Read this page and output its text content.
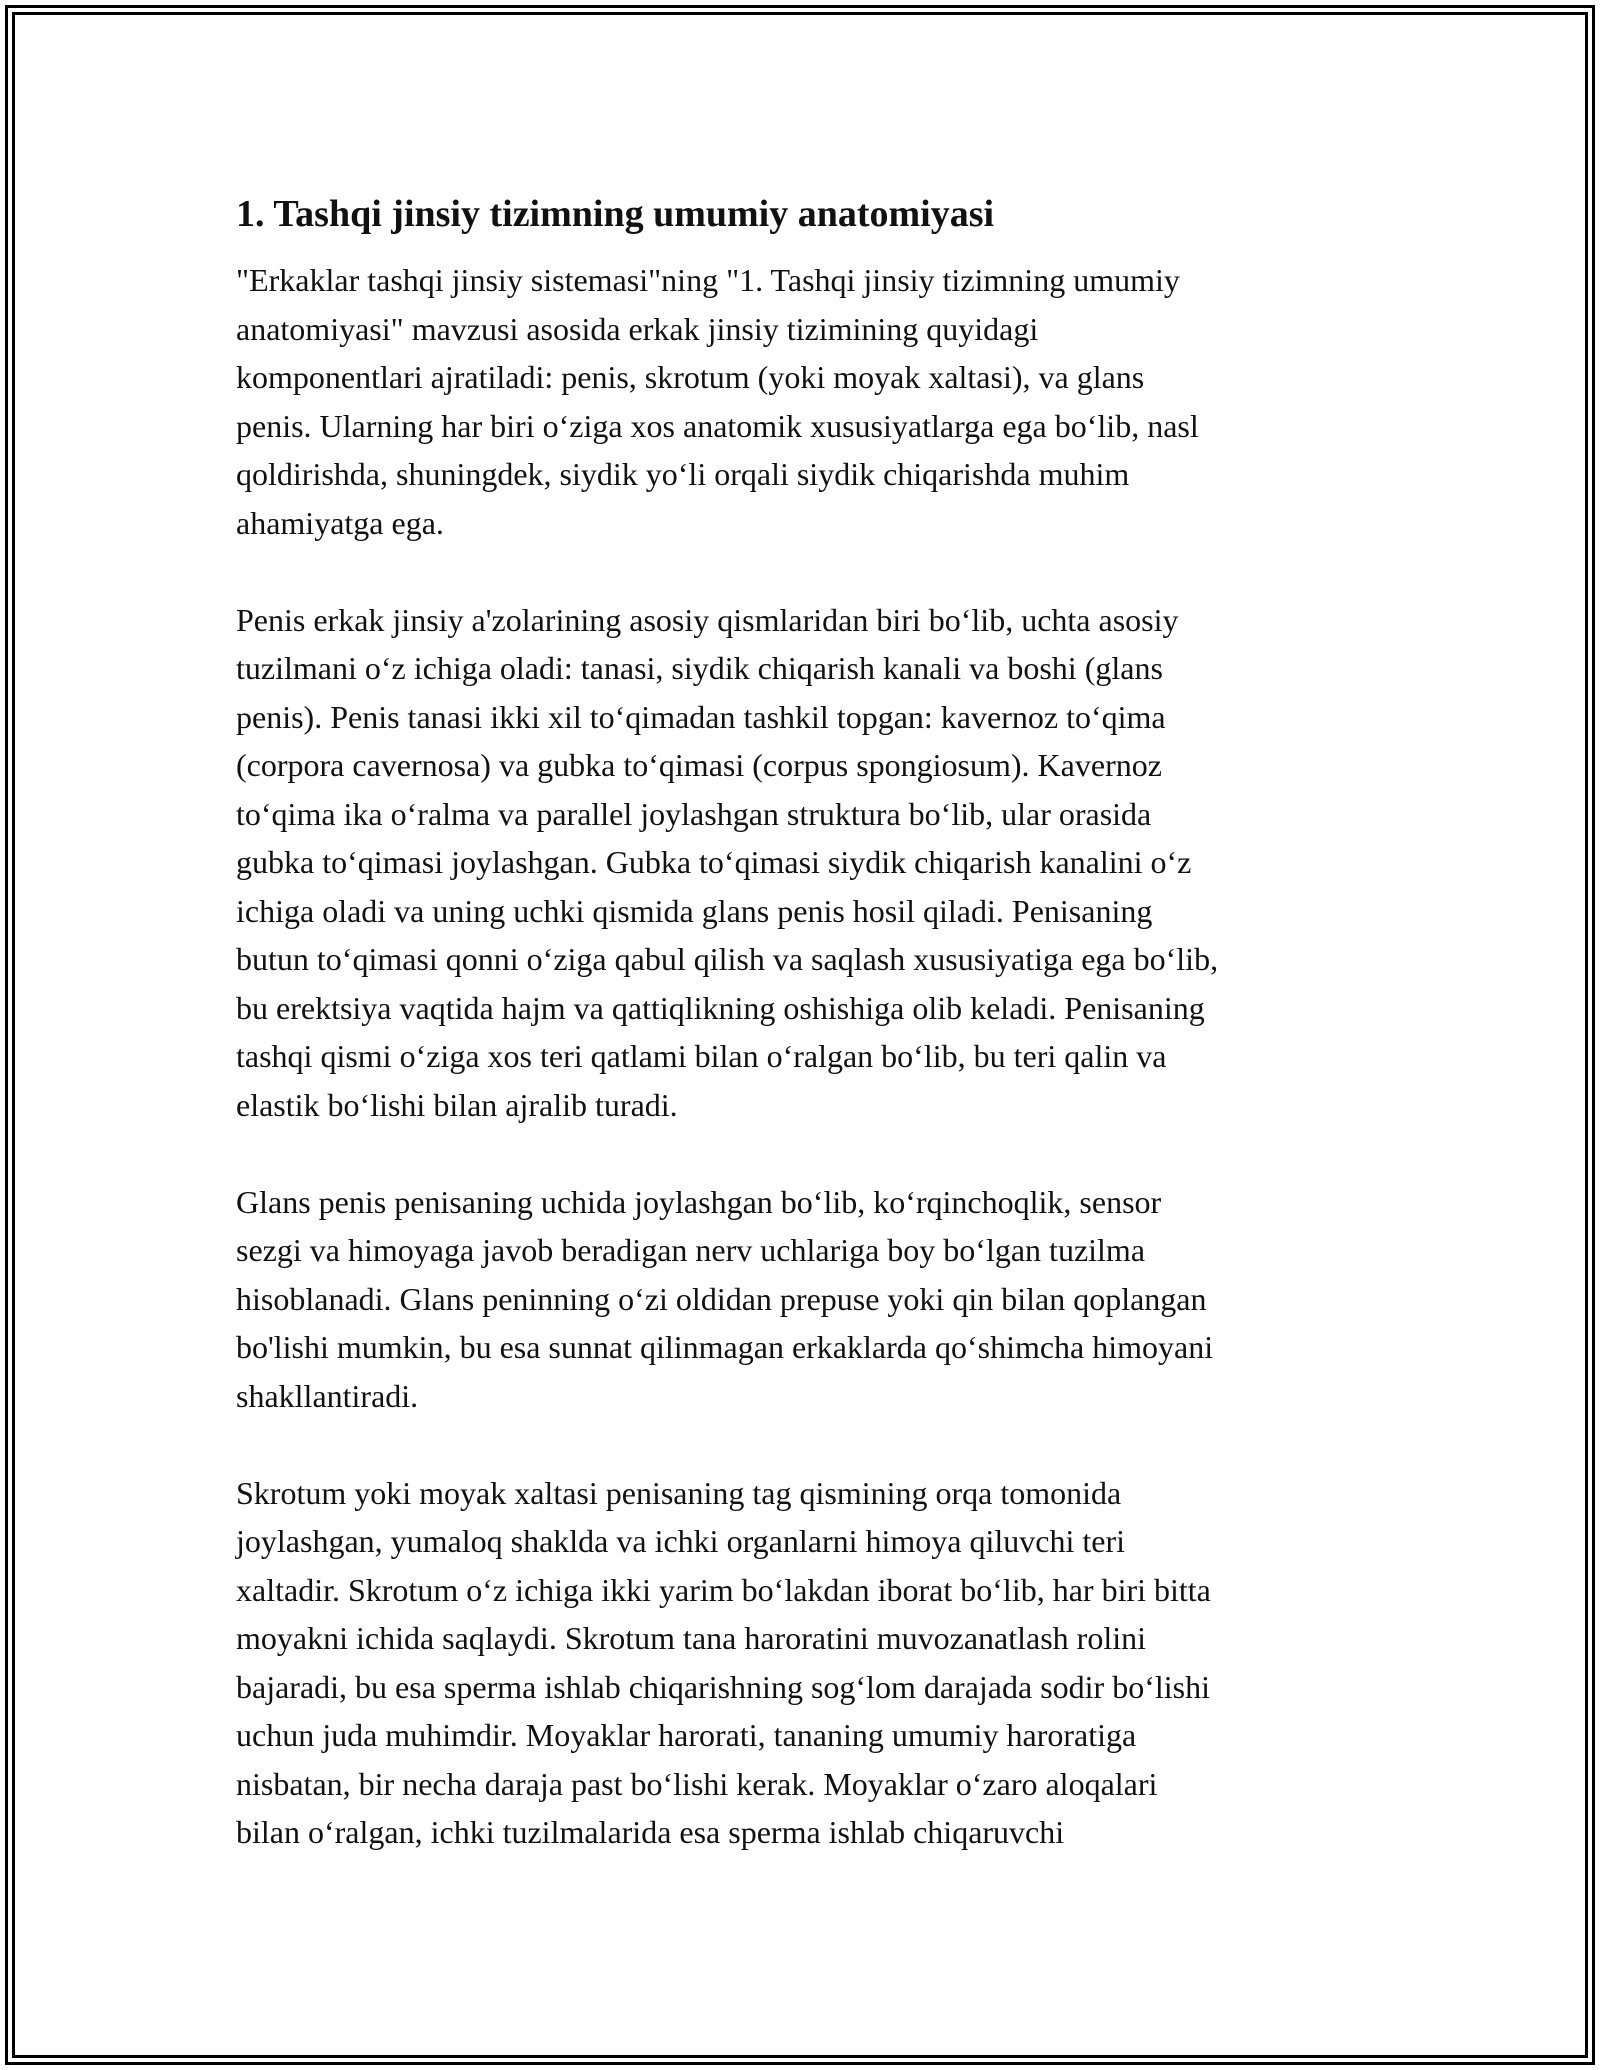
1. Tashqi jinsiy tizimning umumiy anatomiyasi

"Erkaklar tashqi jinsiy sistemasi"ning "1. Tashqi jinsiy tizimning umumiy
anatomiyasi" mavzusi asosida erkak jinsiy tizimining quyidagi
komponentlari ajratiladi: penis, skrotum (yoki moyak xaltasi), va glans
penis. Ularning har biri o‘ziga xos anatomik xususiyatlarga ega bo‘lib, nasl
qoldirishda, shuningdek, siydik yo‘li orqali siydik chiqarishda muhim
ahamiyatga ega.

Penis erkak jinsiy a'zolarining asosiy qismlaridan biri bo‘lib, uchta asosiy
tuzilmani o‘z ichiga oladi: tanasi, siydik chiqarish kanali va boshi (glans
penis). Penis tanasi ikki xil to‘qimadan tashkil topgan: kavernoz to‘qima
(corpora cavernosa) va gubka to‘qimasi (corpus spongiosum). Kavernoz
to‘qima ika o‘ralma va parallel joylashgan struktura bo‘lib, ular orasida
gubka to‘qimasi joylashgan. Gubka to‘qimasi siydik chiqarish kanalini o‘z
ichiga oladi va uning uchki qismida glans penis hosil qiladi. Penisaning
butun to‘qimasi qonni o‘ziga qabul qilish va saqlash xususiyatiga ega bo‘lib,
bu erektsiya vaqtida hajm va qattiqlikning oshishiga olib keladi. Penisaning
tashqi qismi o‘ziga xos teri qatlami bilan o‘ralgan bo‘lib, bu teri qalin va
elastik bo‘lishi bilan ajralib turadi.

Glans penis penisaning uchida joylashgan bo‘lib, ko‘rqinchoqlik, sensor
sezgi va himoyaga javob beradigan nerv uchlariga boy bo‘lgan tuzilma
hisoblanadi. Glans peninning o‘zi oldidan prepuse yoki qin bilan qoplangan
bo'lishi mumkin, bu esa sunnat qilinmagan erkaklarda qo‘shimcha himoyani
shakllantiradi.

Skrotum yoki moyak xaltasi penisaning tag qismining orqa tomonida
joylashgan, yumaloq shaklda va ichki organlarni himoya qiluvchi teri
xaltadir. Skrotum o‘z ichiga ikki yarim bo‘lakdan iborat bo‘lib, har biri bitta
moyakni ichida saqlaydi. Skrotum tana haroratini muvozanatlash rolini
bajaradi, bu esa sperma ishlab chiqarishning sog‘lom darajada sodir bo‘lishi
uchun juda muhimdir. Moyaklar harorati, tananing umumiy haroratiga
nisbatan, bir necha daraja past bo‘lishi kerak. Moyaklar o‘zaro aloqalari
bilan o‘ralgan, ichki tuzilmalarida esa sperma ishlab chiqaruvchi
